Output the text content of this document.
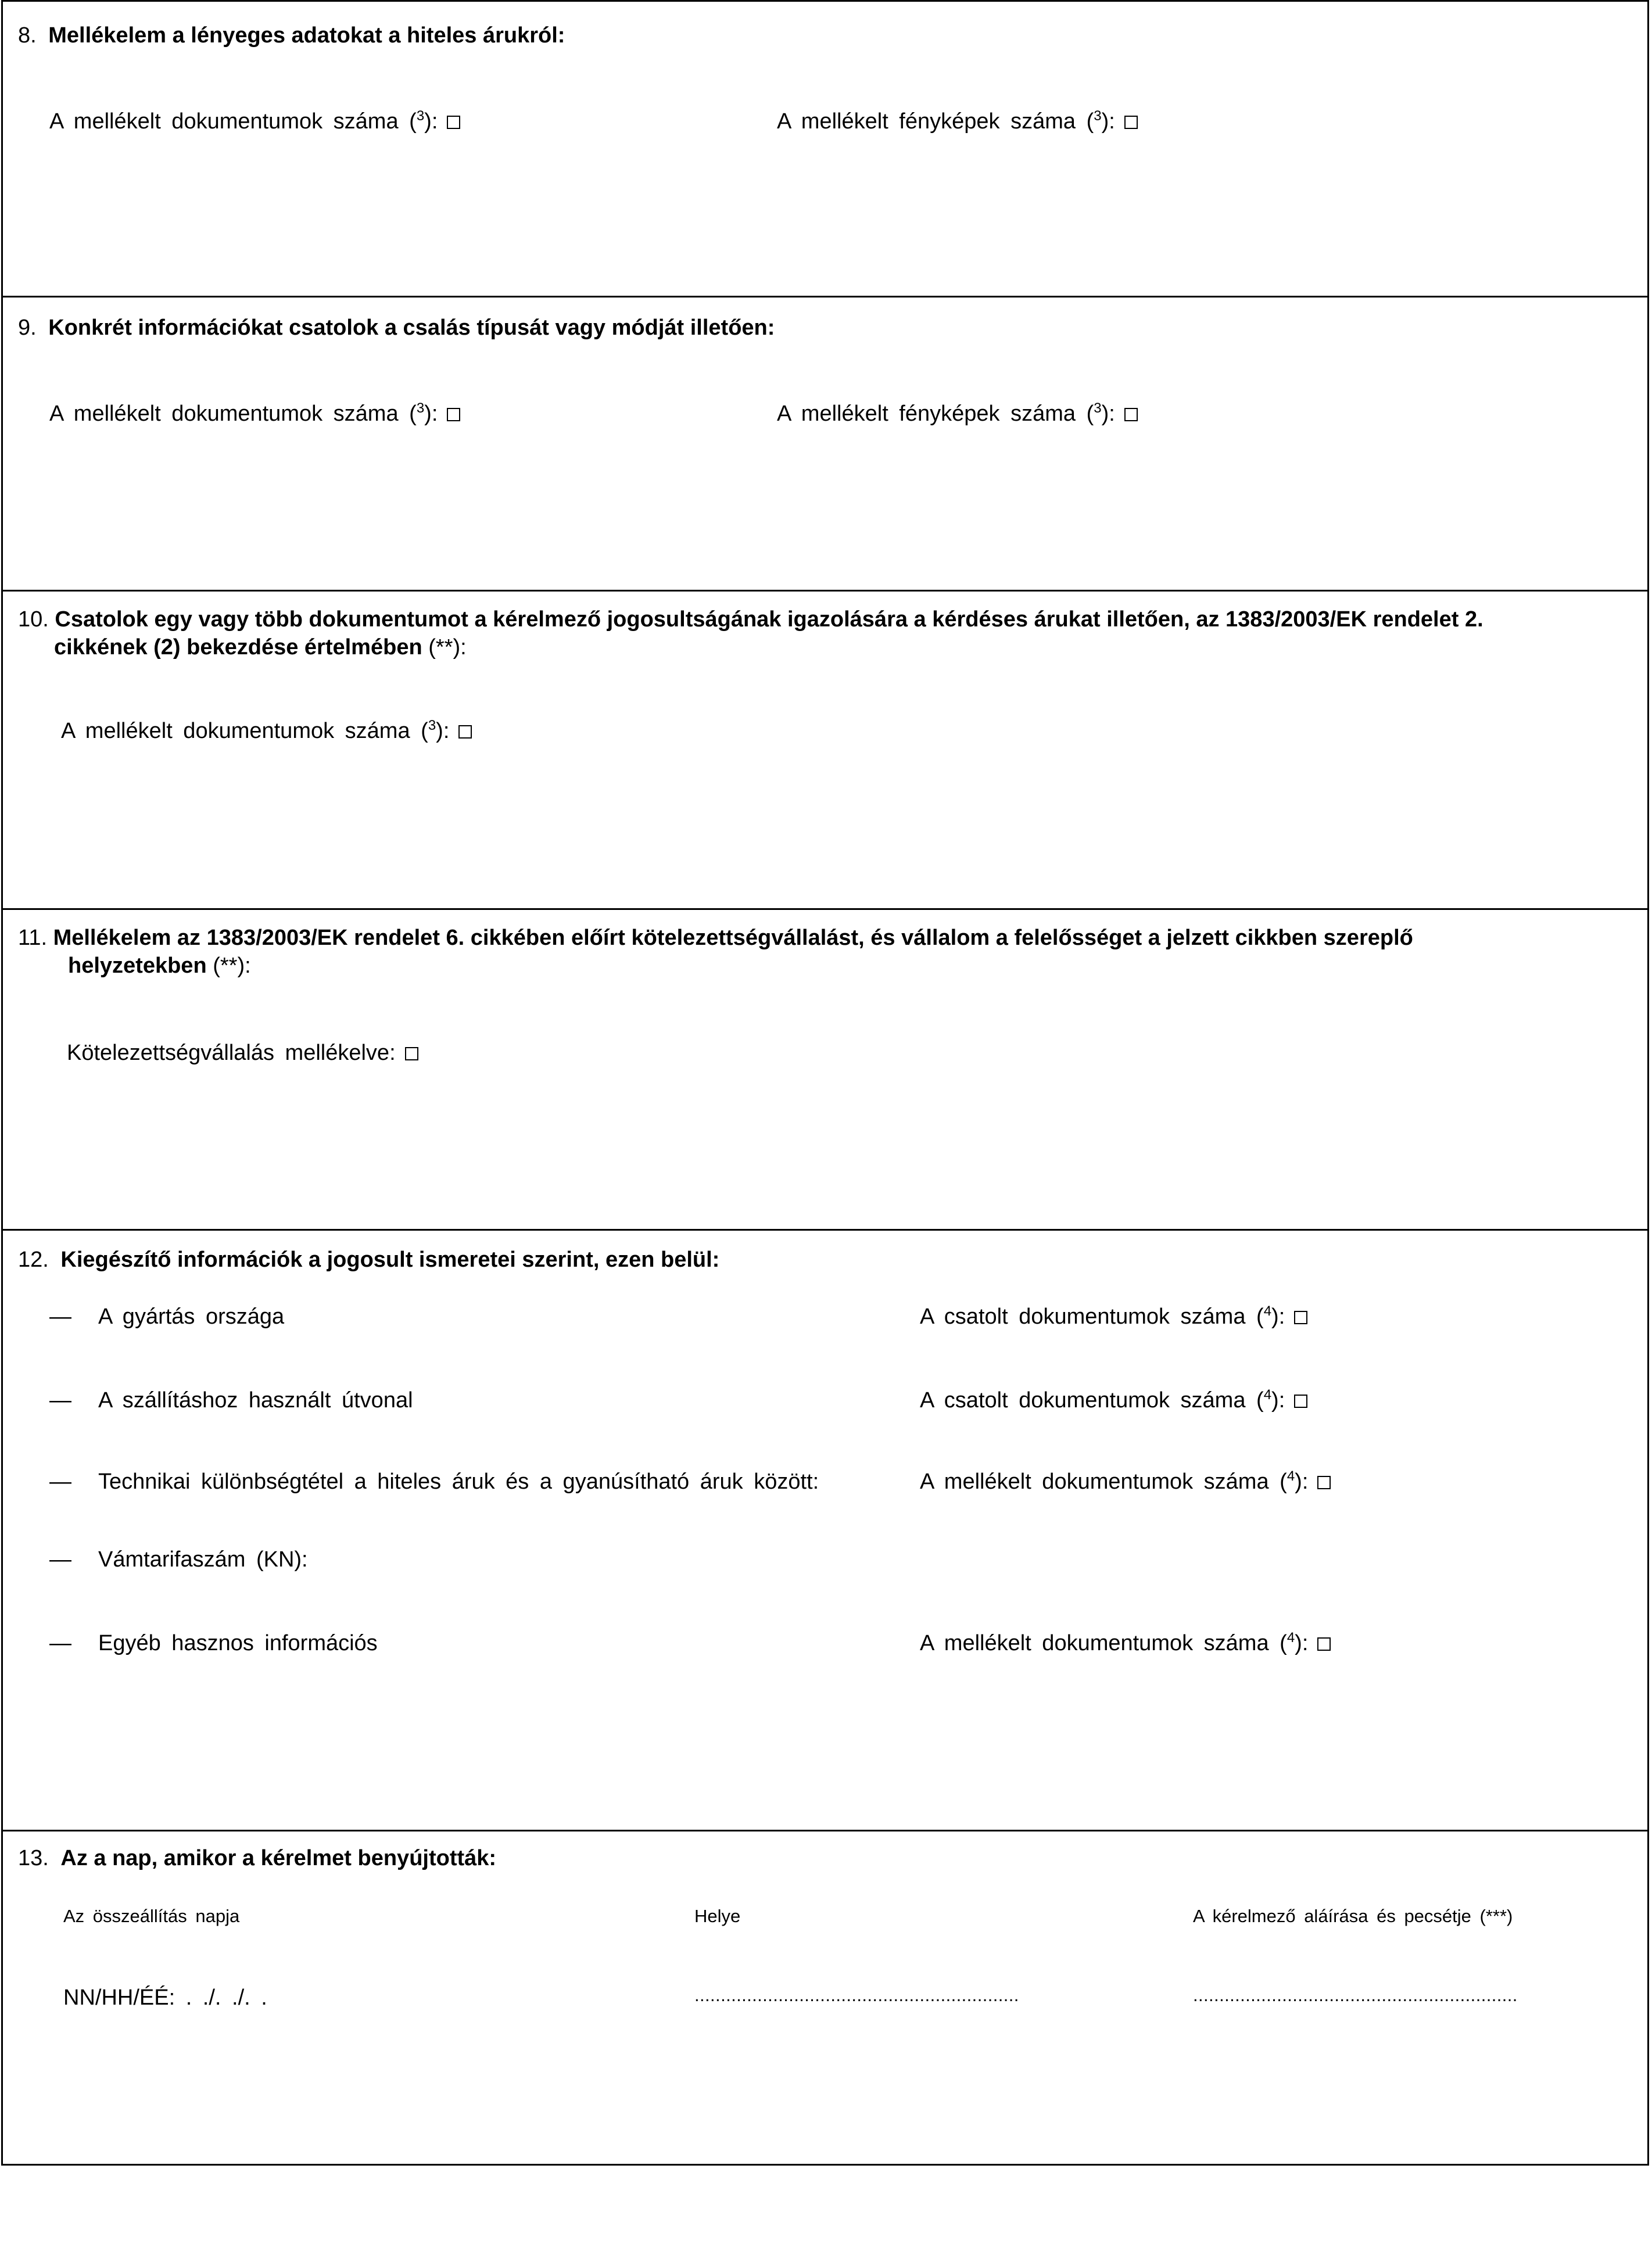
8. Mellékelem a lényeges adatokat a hiteles árukról:
A mellékelt dokumentumok száma ($^3$):	A mellékelt fényképek száma ($^3$):
9. Konkrét információkat csatolok a csalás típusát vagy módját illetően:
A mellékelt dokumentumok száma ($^3$):	A mellékelt fényképek száma ($^3$):
10. Csatolok egy vagy több dokumentumot a kérelmező jogosultságának igazolására a kérdéses árukat illetően, az 1383/2003/EK rendelet 2.
cikkének (2) bekezdése értelmében (**):
A mellékelt dokumentumok száma ($^3$):
11. Mellékelem az 1383/2003/EK rendelet 6. cikkében előírt kötelezettségvállalást, és vállalom a felelősséget a jelzett cikkben szereplő
helyzetekben (**):
Kötelezettségvállalás mellékelve:
12. Kiegészítő információk a jogosult ismeretei szerint, ezen belül:
— A gyártás országa	A csatolt dokumentumok száma ($^4$):
— A szállításhoz használt útvonal	A csatolt dokumentumok száma ($^4$):
— Technikai különbségtétel a hiteles áruk és a gyanúsítható áruk között:	A mellékelt dokumentumok száma ($^4$):
— Vámtarifaszám (KN):
— Egyéb hasznos információs	A mellékelt dokumentumok száma ($^4$):
13. Az a nap, amikor a kérelmet benyújtották:
Az összeállítás napja	Helye	A kérelmező aláírása és pecsétje (***)
NN/HH/ÉÉ: . ./. ./. .	..............................................................	..............................................................
